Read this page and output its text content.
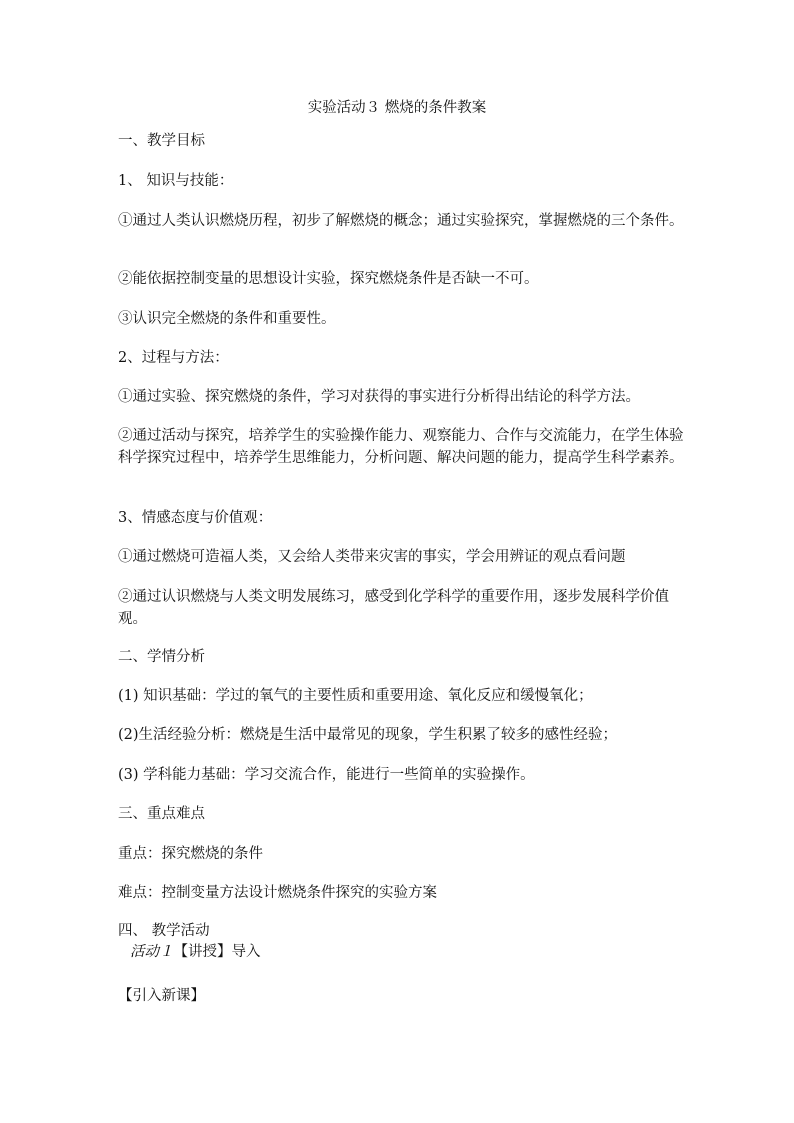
实验活动３ 燃烧的条件教案
一、教学目标
1、 知识与技能：
①通过人类认识燃烧历程，初步了解燃烧的概念；通过实验探究，掌握燃烧的三个条件。
②能依据控制变量的思想设计实验，探究燃烧条件是否缺一不可。
③认识完全燃烧的条件和重要性。
2、过程与方法：
①通过实验、探究燃烧的条件，学习对获得的事实进行分析得出结论的科学方法。
②通过活动与探究，培养学生的实验操作能力、观察能力、合作与交流能力，在学生体验科学探究过程中，培养学生思维能力，分析问题、解决问题的能力，提高学生科学素养。
3、情感态度与价值观：
①通过燃烧可造福人类，又会给人类带来灾害的事实，学会用辨证的观点看问题
②通过认识燃烧与人类文明发展练习，感受到化学科学的重要作用，逐步发展科学价值观。
二、学情分析
(1) 知识基础：学过的氧气的主要性质和重要用途、氧化反应和缓慢氧化；
(2)生活经验分析：燃烧是生活中最常见的现象，学生积累了较多的感性经验；
(3) 学科能力基础：学习交流合作，能进行一些简单的实验操作。
三、重点难点
重点：探究燃烧的条件
难点：控制变量方法设计燃烧条件探究的实验方案
四、 教学活动
活动１【讲授】导入
【引入新课】
